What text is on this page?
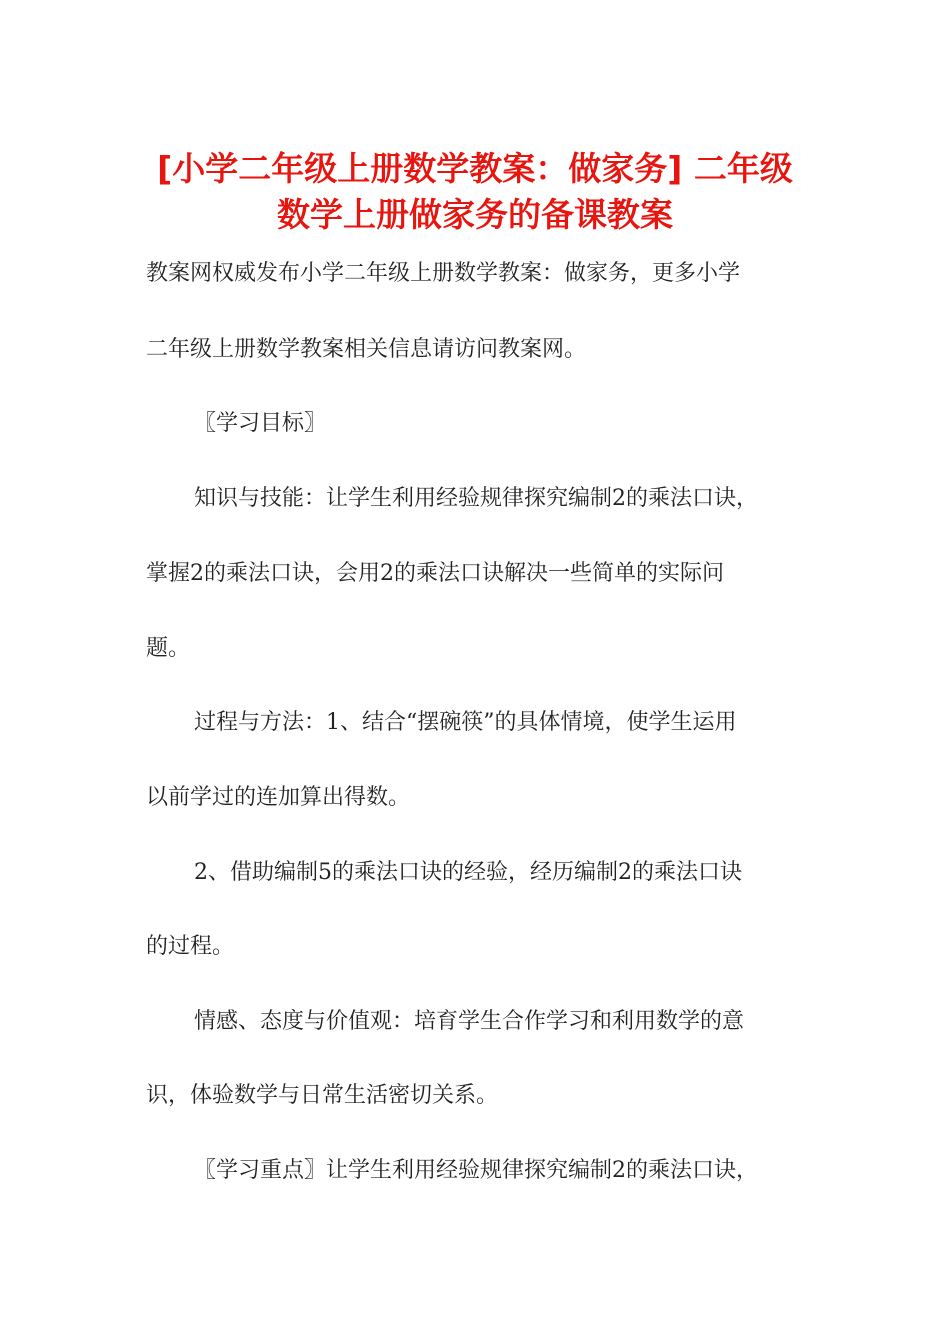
[小学二年级上册数学教案：做家务] 二年级
数学上册做家务的备课教案

教案网权威发布小学二年级上册数学教案：做家务，更多小学

二年级上册数学教案相关信息请访问教案网。

〖学习目标〗

知识与技能：让学生利用经验规律探究编制2的乘法口诀，

掌握2的乘法口诀，会用2的乘法口诀解决一些简单的实际问

题。

过程与方法：1、结合“摆碗筷”的具体情境，使学生运用

以前学过的连加算出得数。

2、借助编制5的乘法口诀的经验，经历编制2的乘法口诀

的过程。

情感、态度与价值观：培育学生合作学习和利用数学的意

识，体验数学与日常生活密切关系。

〖学习重点〗让学生利用经验规律探究编制2的乘法口诀，
